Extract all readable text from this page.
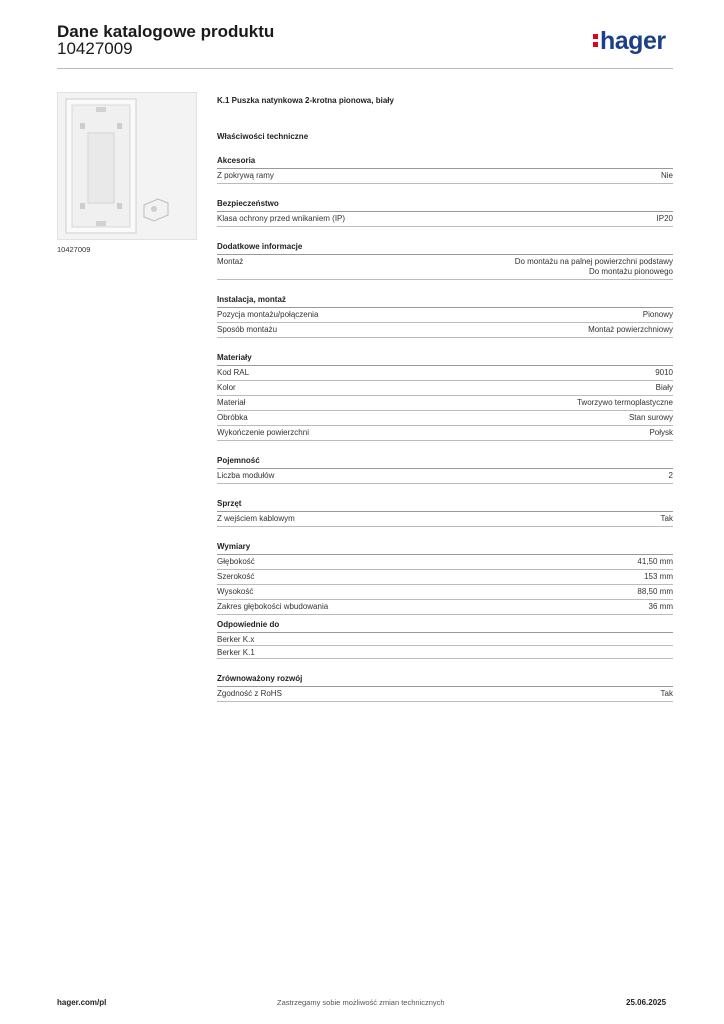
Dane katalogowe produktu
10427009	hager
10427009
K.1 Puszka natynkowa 2-krotna pionowa, biały
Właściwości techniczne
Akcesoria
Z pokrywą ramy	Nie
Bezpieczeństwo
Klasa ochrony przed wnikaniem (IP)	IP20
Dodatkowe informacje
Montaż	Do montażu na palnej powierzchni podstawy
Do montażu pionowego
Instalacja, montaż
Pozycja montażu/połączenia	Pionowy
Sposób montażu	Montaż powierzchniowy
Materiały
Kod RAL	9010
Kolor	Biały
Materiał	Tworzywo termoplastyczne
Obróbka	Stan surowy
Wykończenie powierzchni	Połysk
Pojemność
Liczba modułów	2
Sprzęt
Z wejściem kablowym	Tak
Wymiary
Głębokość	41,50 mm
Szerokość	153 mm
Wysokość	88,50 mm
Zakres głębokości wbudowania	36 mm
Odpowiednie do
Berker K.x
Berker K.1
Zrównoważony rozwój
Zgodność z RoHS	Tak
hager.com/pl	Zastrzegamy sobie możliwość zmian technicznych	25.06.2025
